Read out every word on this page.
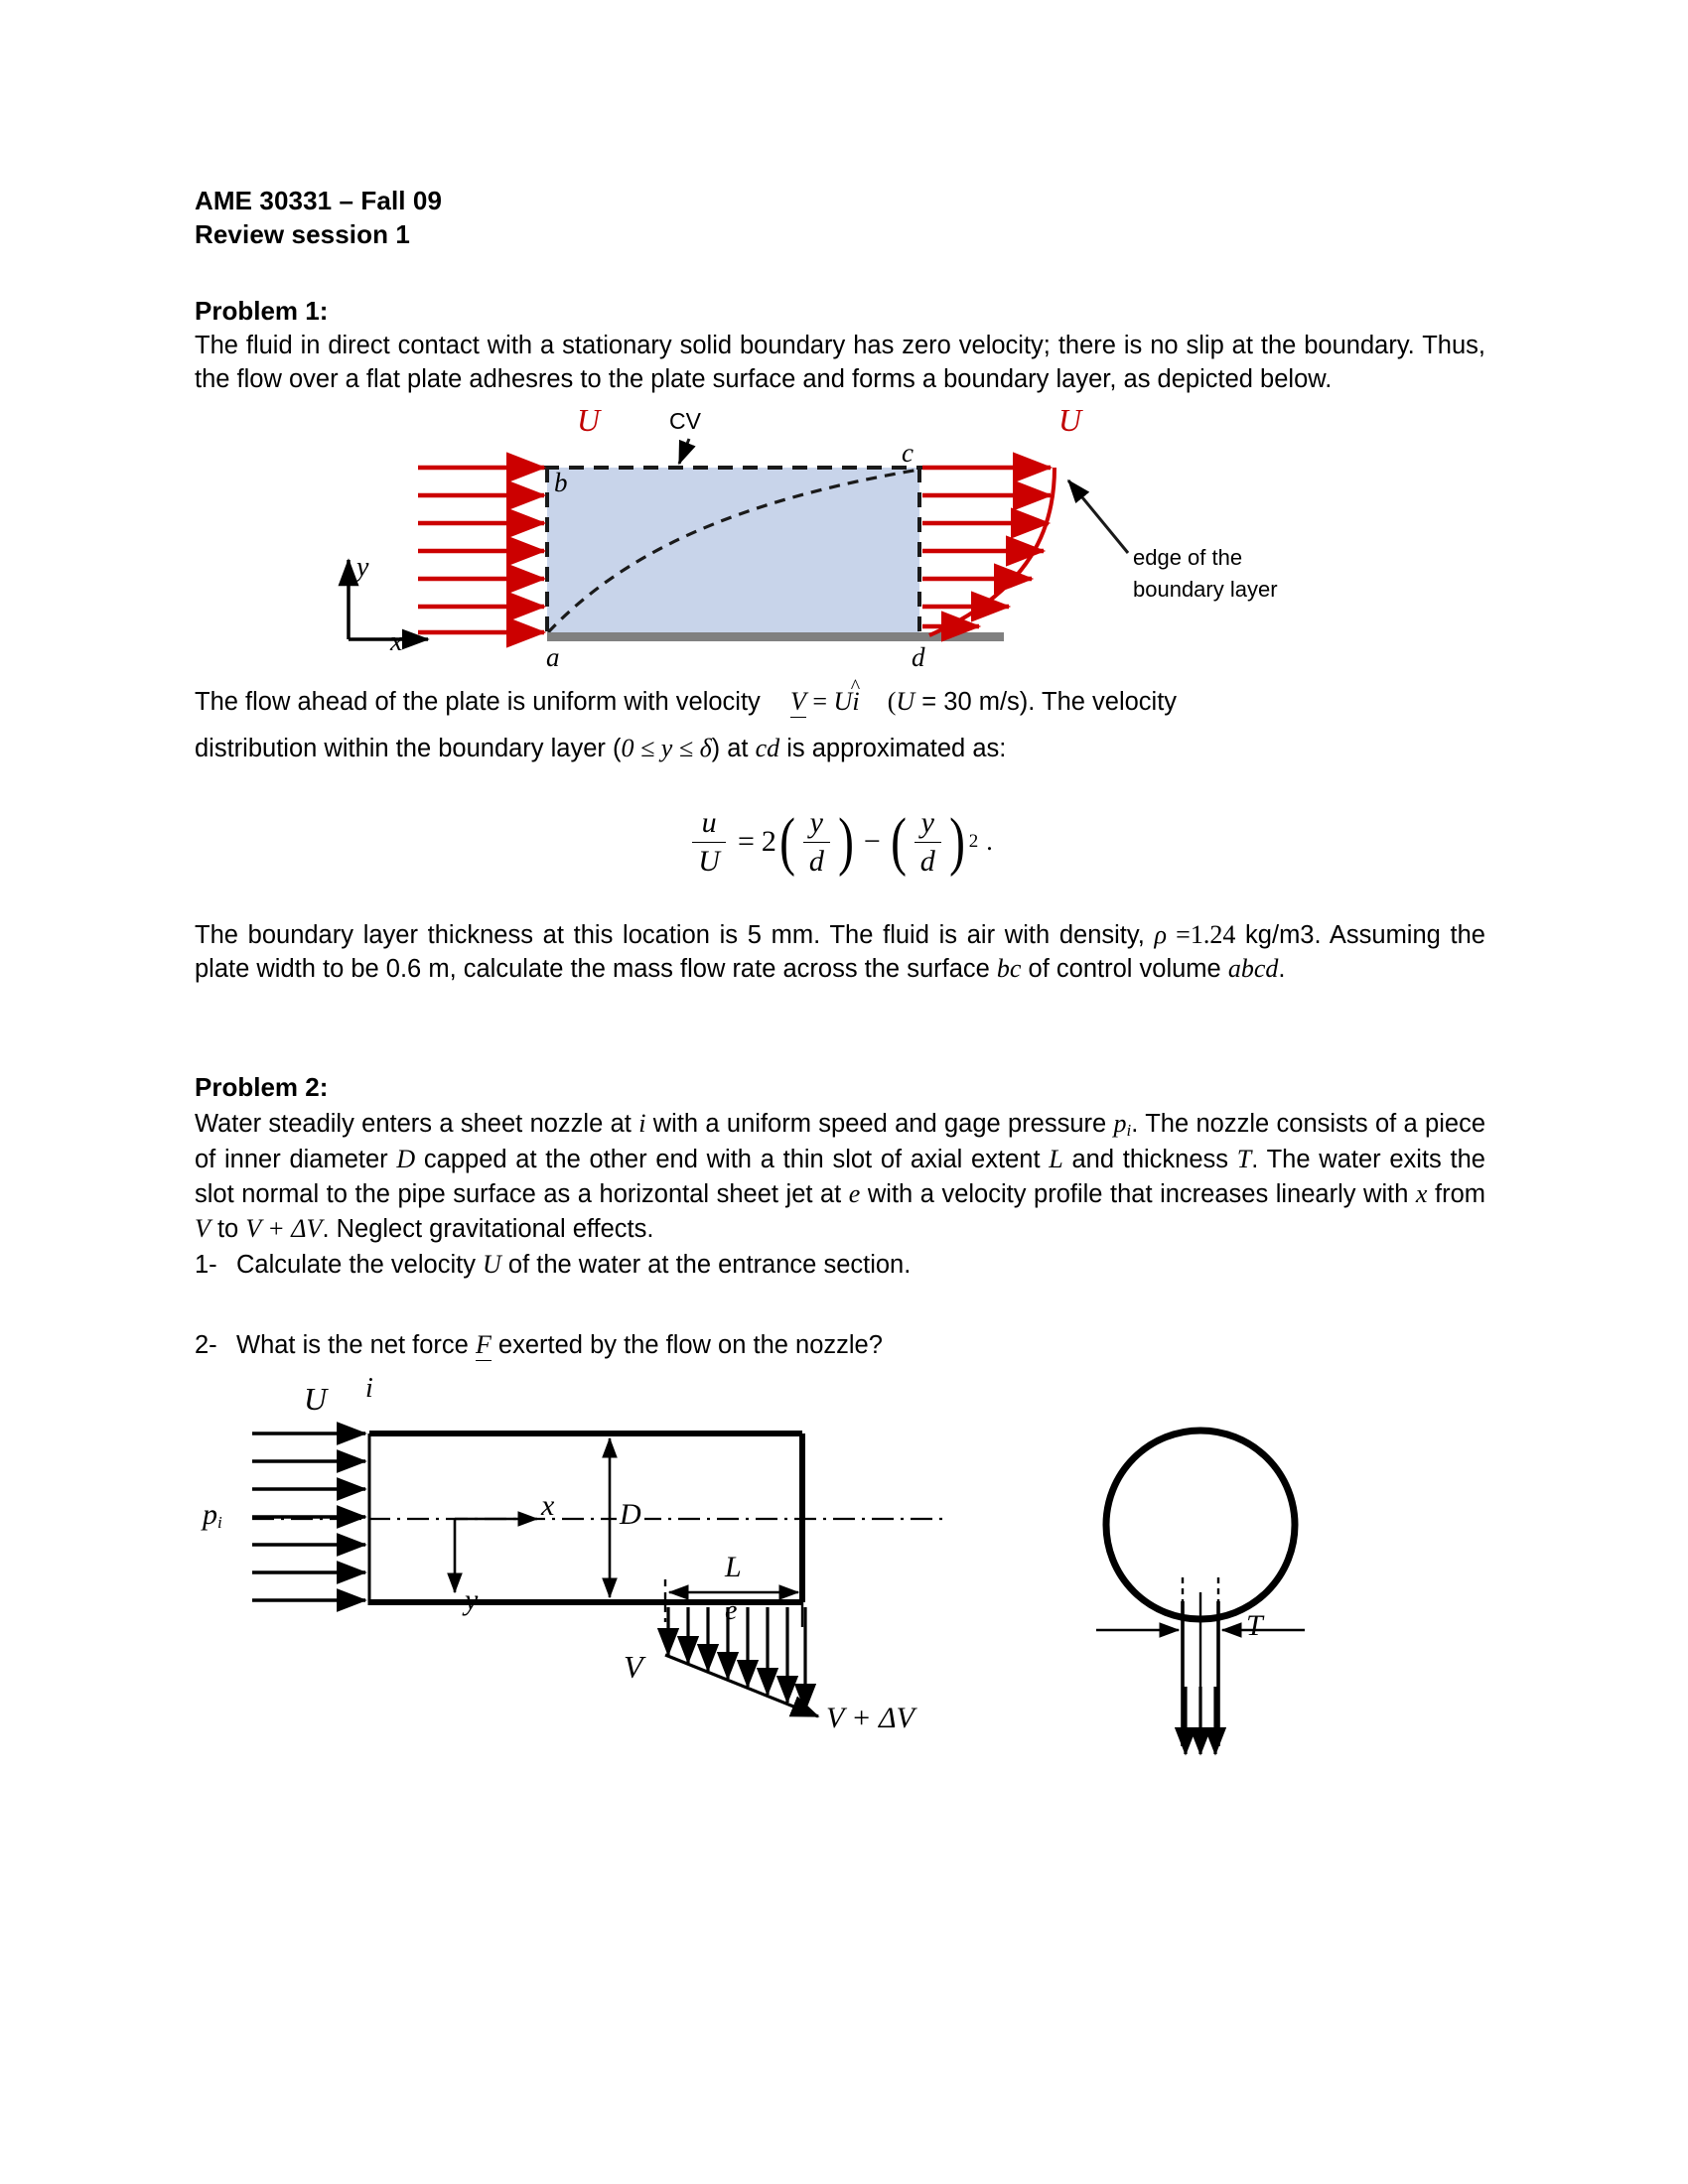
AME 30331 – Fall 09
Review session 1
Problem 1:
The fluid in direct contact with a stationary solid boundary has zero velocity; there is no slip at the boundary. Thus, the flow over a flat plate adhesres to the plate surface and forms a boundary layer, as depicted below.
U	U
CV
b
c
a	d
y
x
edge of the
boundary layer
The flow ahead of the plate is uniform with velocity V = Ui ^ (U = 30 m/s). The velocity
distribution within the boundary layer (0 ≤ y ≤ δ) at cd is approximated as:
$\frac{u}{U} = 2$ ( $\frac{y}{d}$ ) − ( $\frac{y}{d}$ ) 2 .
The boundary layer thickness at this location is 5 mm. The fluid is air with density, ρ =1.24 kg/m3. Assuming the plate width to be 0.6 m, calculate the mass flow rate across the surface bc of control volume abcd.
Problem 2:
Water steadily enters a sheet nozzle at i with a uniform speed and gage pressure $p_i$. The nozzle consists of a piece of inner diameter D capped at the other end with a thin slot of axial extent L and thickness T. The water exits the slot normal to the pipe surface as a horizontal sheet jet at e with a velocity profile that increases linearly with x from V to V + ΔV. Neglect gravitational effects.
1- Calculate the velocity U of the water at the entrance section.
2- What is the net force F exerted by the flow on the nozzle?
U i
$p_i$
x
y
D
L
e
V
V + ΔV
T
